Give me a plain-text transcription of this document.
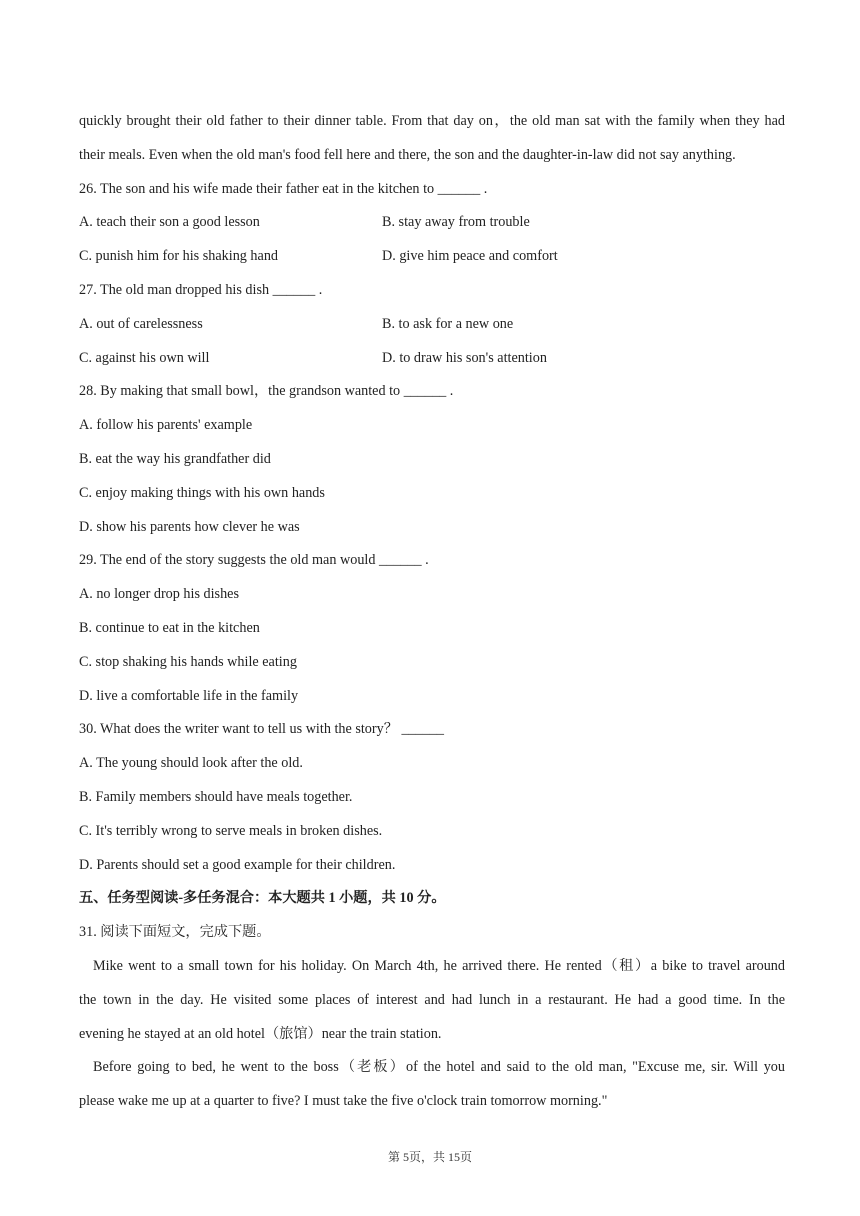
quickly brought their old father to their dinner table. From that day on，the old man sat with the family when they had
their meals. Even when the old man's food fell here and there, the son and the daughter-in-law did not say anything.
26. The son and his wife made their father eat in the kitchen to ______ .
A. teach their son a good lesson	B. stay away from trouble
C. punish him for his shaking hand	D. give him peace and comfort
27. The old man dropped his dish ______ .
A. out of carelessness	B. to ask for a new one
C. against his own will	D. to draw his son's attention
28. By making that small bowl，the grandson wanted to ______ .
A. follow his parents' example
B. eat the way his grandfather did
C. enjoy making things with his own hands
D. show his parents how clever he was
29. The end of the story suggests the old man would ______ .
A. no longer drop his dishes
B. continue to eat in the kitchen
C. stop shaking his hands while eating
D. live a comfortable life in the family
30. What does the writer want to tell us with the story？ ______
A. The young should look after the old.
B. Family members should have meals together.
C. It's terribly wrong to serve meals in broken dishes.
D. Parents should set a good example for their children.
五、任务型阅读-多任务混合：本大题共 1 小题，共 10 分。
31. 阅读下面短文，完成下题。
Mike went to a small town for his holiday. On March 4th, he arrived there. He rented（租）a bike to travel around
the town in the day. He visited some places of interest and had lunch in a restaurant. He had a good time. In the
evening he stayed at an old hotel（旅馆）near the train station.
Before going to bed, he went to the boss（老板）of the hotel and said to the old man, "Excuse me, sir. Will you
please wake me up at a quarter to five? I must take the five o'clock train tomorrow morning."
第 5页，共 15页
